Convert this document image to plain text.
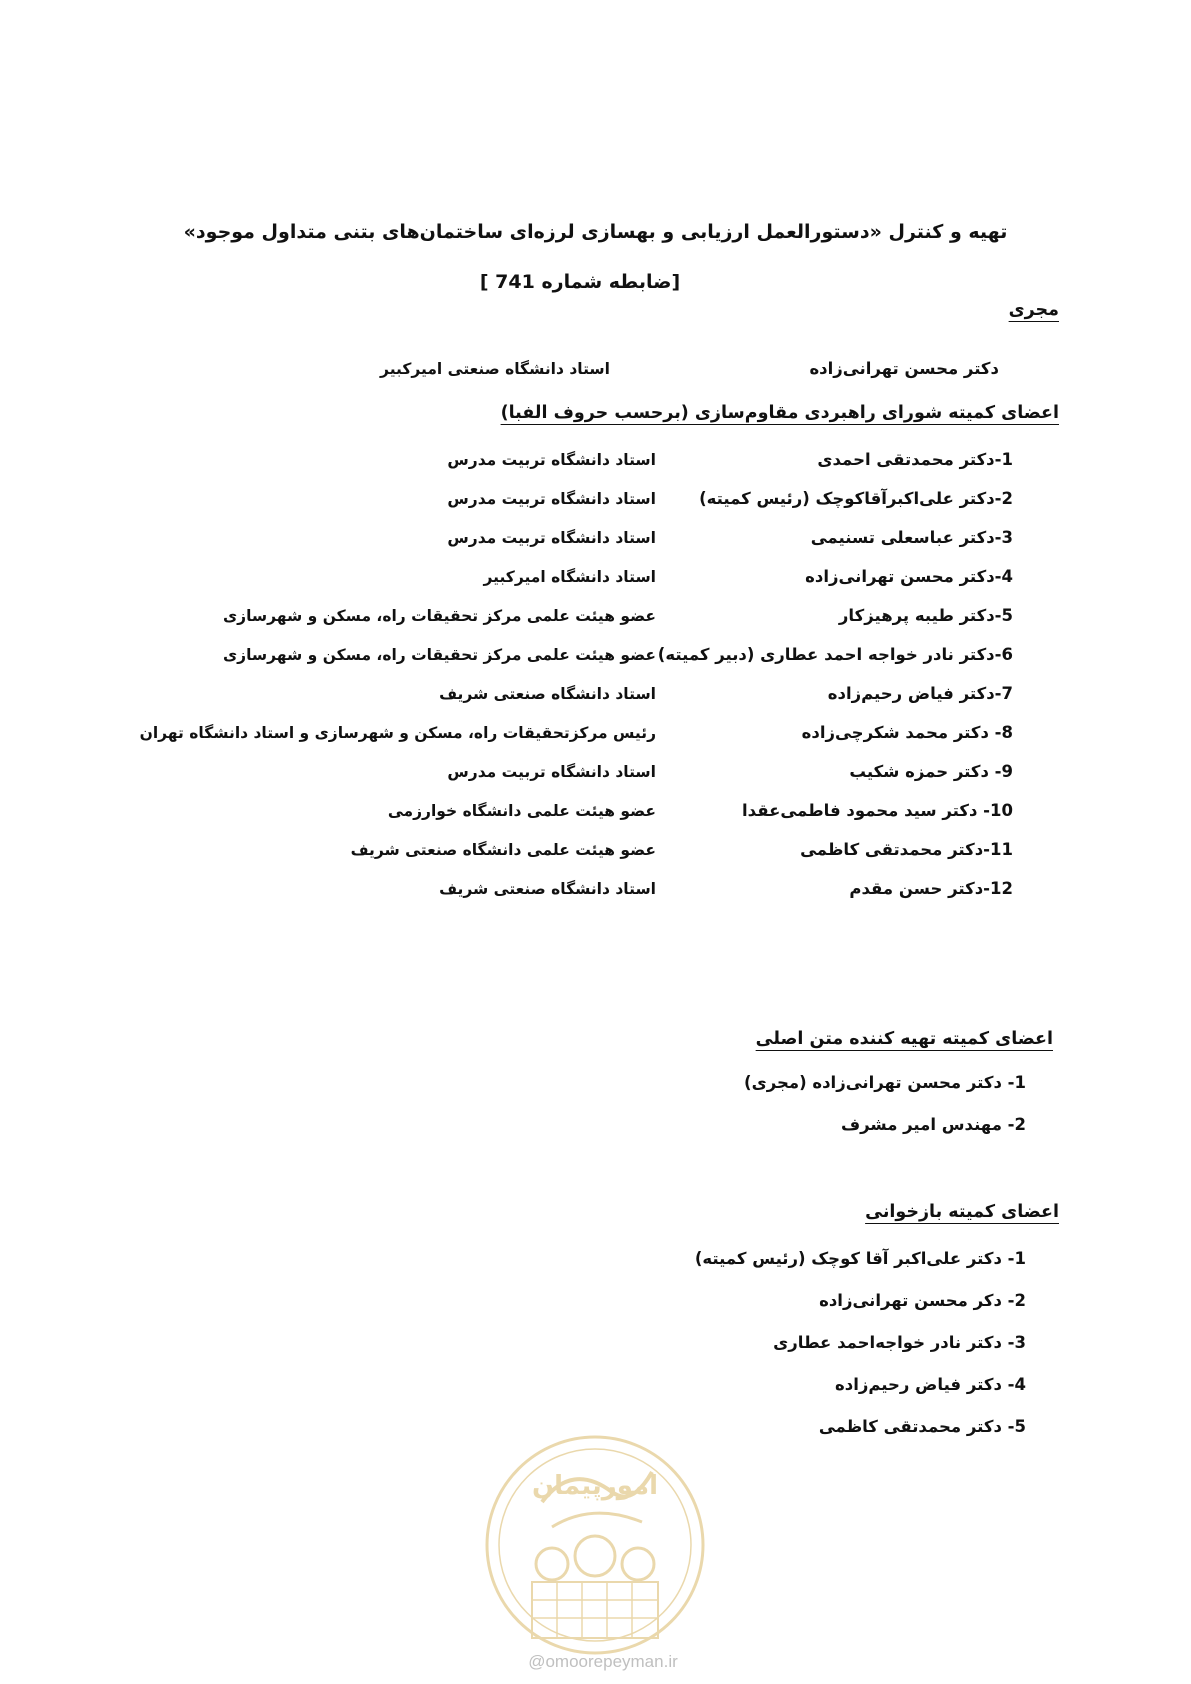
تهیه و کنترل «دستورالعمل ارزیابی و بهسازی لرزه‌ای ساختمان‌های بتنی متداول موجود»
[ضابطه شماره 741 ]
مجری
دکتر محسن تهرانی‌زاده
استاد دانشگاه صنعتی امیرکبیر
اعضای کمیته شورای راهبردی مقاوم‌سازی (برحسب حروف الفبا)
1-دکتر محمدتقی احمدی
استاد دانشگاه تربیت مدرس
2-دکتر علی‌اکبرآقاکوچک (رئیس کمیته)
استاد دانشگاه تربیت مدرس
3-دکتر عباسعلی تسنیمی
استاد دانشگاه تربیت مدرس
4-دکتر محسن تهرانی‌زاده
استاد دانشگاه امیرکبیر
5-دکتر طیبه پرهیزکار
عضو هیئت علمی مرکز تحقیقات راه، مسکن و شهرسازی
6-دکتر نادر خواجه احمد عطاری (دبیر کمیته)
عضو هیئت علمی مرکز تحقیقات راه، مسکن و شهرسازی
7-دکتر فیاض رحیم‌زاده
استاد دانشگاه صنعتی شریف
8- دکتر محمد شکرچی‌زاده
رئیس مرکزتحقیقات راه، مسکن و شهرسازی و استاد دانشگاه تهران
9- دکتر حمزه شکیب
استاد دانشگاه تربیت مدرس
10- دکتر سید محمود فاطمی‌عقدا
عضو هیئت علمی دانشگاه خوارزمی
11-دکتر محمدتقی کاظمی
عضو هیئت علمی دانشگاه صنعتی شریف
12-دکتر حسن مقدم
استاد دانشگاه صنعتی شریف
اعضای کمیته تهیه کننده متن اصلی
1- دکتر محسن تهرانی‌زاده (مجری)
2- مهندس امیر مشرف
اعضای کمیته بازخوانی
1- دکتر علی‌اکبر آقا کوچک (رئیس کمیته)
2- دکر محسن تهرانی‌زاده
3- دکتر نادر خواجه‌احمد عطاری
4- دکتر فیاض رحیم‌زاده
5- دکتر محمدتقی کاظمی
امورپیمان
@omoorepeyman.ir
